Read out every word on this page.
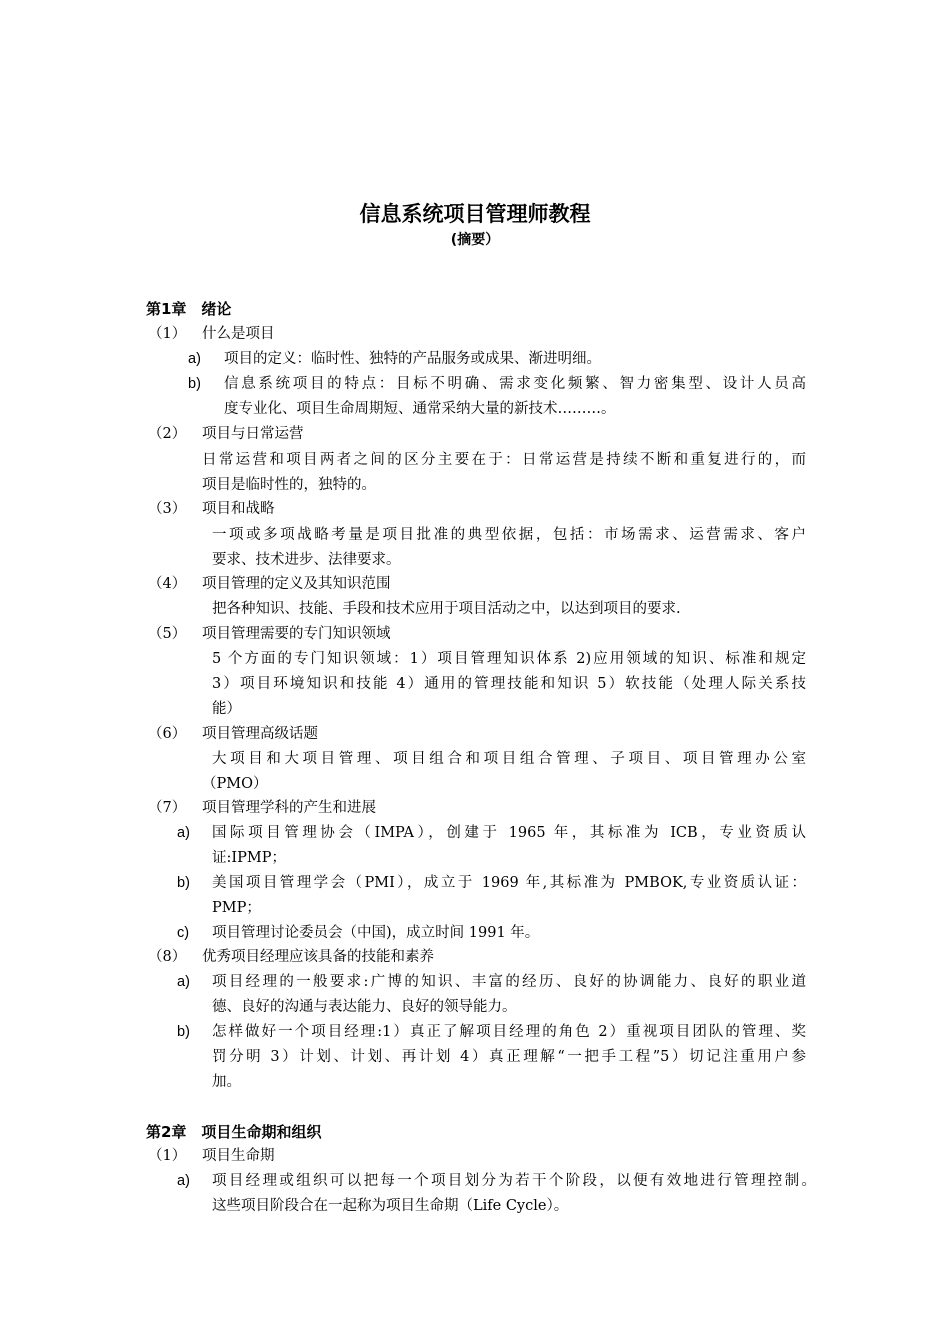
信息系统项目管理师教程
(摘要）
第1章　绪论
（1） 什么是项目
a) 项目的定义：临时性、独特的产品服务或成果、渐进明细。
b) 信息系统项目的特点：目标不明确、需求变化频繁、智力密集型、设计人员高
度专业化、项目生命周期短、通常采纳大量的新技术………。
（2） 项目与日常运营
日常运营和项目两者之间的区分主要在于：日常运营是持续不断和重复进行的，而
项目是临时性的，独特的。
（3） 项目和战略
一项或多项战略考量是项目批准的典型依据，包括：市场需求、运营需求、客户
要求、技术进步、法律要求。
（4） 项目管理的定义及其知识范围
把各种知识、技能、手段和技术应用于项目活动之中，以达到项目的要求.
（5） 项目管理需要的专门知识领域
5 个方面的专门知识领域：1）项目管理知识体系 2)应用领域的知识、标准和规定
3）项目环境知识和技能 4）通用的管理技能和知识 5）软技能（处理人际关系技
能）
（6） 项目管理高级话题
大项目和大项目管理、项目组合和项目组合管理、子项目、项目管理办公室
（PMO）
（7） 项目管理学科的产生和进展
a) 国际项目管理协会（IMPA），创建于 1965 年，其标准为 ICB，专业资质认
证:IPMP；
b) 美国项目管理学会（PMI），成立于 1969 年,其标准为 PMBOK,专业资质认证：
PMP；
c) 项目管理讨论委员会（中国)，成立时间 1991 年。
（8） 优秀项目经理应该具备的技能和素养
a) 项目经理的一般要求:广博的知识、丰富的经历、良好的协调能力、良好的职业道
德、良好的沟通与表达能力、良好的领导能力。
b) 怎样做好一个项目经理:1）真正了解项目经理的角色 2）重视项目团队的管理、奖
罚分明 3）计划、计划、再计划 4）真正理解“一把手工程”5）切记注重用户参
加。
第2章　项目生命期和组织
（1） 项目生命期
a) 项目经理或组织可以把每一个项目划分为若干个阶段，以便有效地进行管理控制。
这些项目阶段合在一起称为项目生命期（Life Cycle）。
